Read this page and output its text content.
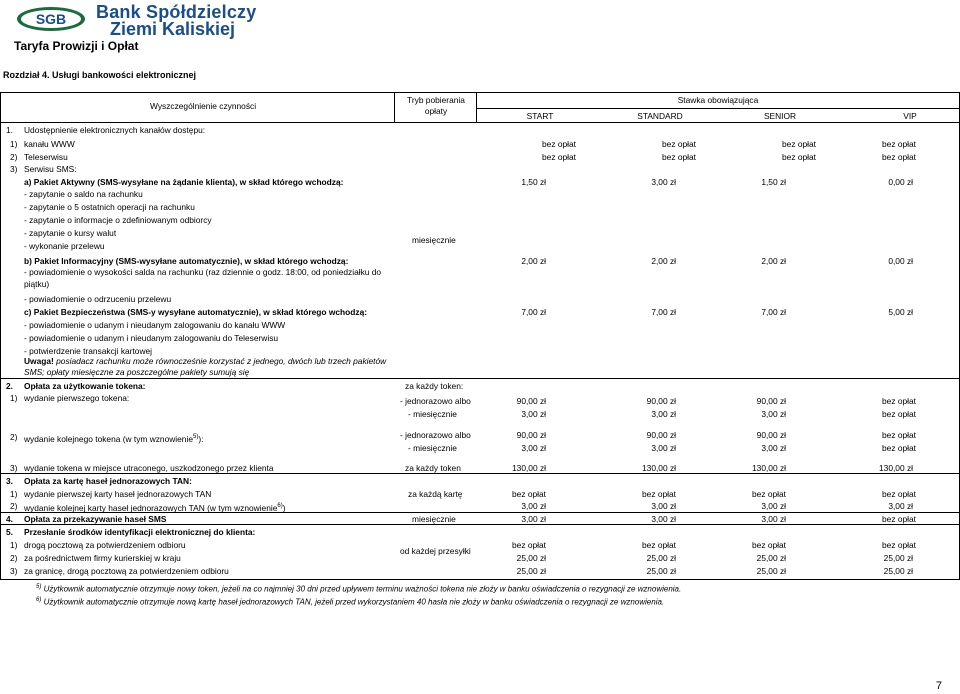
SGB Bank Spółdzielczy
Ziemi Kaliskiej
Taryfa Prowizji i Opłat
Rozdział 4. Usługi bankowości elektronicznej
Wyszczególnienie czynności
Tryb pobierania
opłaty
Stawka obowiązująca
START	STANDARD	SENIOR	VIP
1. Udostępnienie elektronicznych kanałów dostępu:
1) kanału WWW	bez opłat	bez opłat	bez opłat	bez opłat
2) Teleserwisu	bez opłat	bez opłat	bez opłat	bez opłat
3) Serwisu SMS:
a) Pakiet Aktywny (SMS-wysyłane na żądanie klienta), w skład którego wchodzą:	1,50 zł	3,00 zł	1,50 zł	0,00 zł
- zapytanie o saldo na rachunku
- zapytanie o 5 ostatnich operacji na rachunku
- zapytanie o informacje o zdefiniowanym odbiorcy
- zapytanie o kursy walut
- wykonanie przelewu
miesięcznie
b) Pakiet Informacyjny (SMS-wysyłane automatycznie), w skład którego wchodzą:	2,00 zł	2,00 zł	2,00 zł	0,00 zł
- powiadomienie o wysokości salda na rachunku (raz dziennie o godz. 18:00, od poniedziałku do
piątku)
- powiadomienie o odrzuceniu przelewu
c) Pakiet Bezpieczeństwa (SMS-y wysyłane automatycznie), w skład którego wchodzą:	7,00 zł	7,00 zł	7,00 zł	5,00 zł
- powiadomienie o udanym i nieudanym zalogowaniu do kanału WWW
- powiadomienie o udanym i nieudanym zalogowaniu do Teleserwisu
- potwierdzenie transakcji kartowej
Uwaga! posiadacz rachunku może równocześnie korzystać z jednego, dwóch lub trzech pakietów
SMS; opłaty miesięczne za poszczególne pakiety sumują się
2. Opłata za użytkowanie tokena:	za każdy token:
1) wydanie pierwszego tokena:	- jednorazowo albo	90,00 zł	90,00 zł	90,00 zł	bez opłat
- miesięcznie	3,00 zł	3,00 zł	3,00 zł	bez opłat
2) wydanie kolejnego tokena (w tym wznowienie$^{5)}$):	- jednorazowo albo	90,00 zł	90,00 zł	90,00 zł	bez opłat
- miesięcznie	3,00 zł	3,00 zł	3,00 zł	bez opłat
3) wydanie tokena w miejsce utraconego, uszkodzonego przez klienta	za każdy token	130,00 zł	130,00 zł	130,00 zł	130,00 zł
3. Opłata za kartę haseł jednorazowych TAN:
1) wydanie pierwszej karty haseł jednorazowych TAN	za każdą kartę	bez opłat	bez opłat	bez opłat	bez opłat
2) wydanie kolejnej karty haseł jednorazowych TAN (w tym wznowienie$^{6)}$)	3,00 zł	3,00 zł	3,00 zł	3,00 zł
4. Opłata za przekazywanie haseł SMS	miesięcznie	3,00 zł	3,00 zł	3,00 zł	bez opłat
5. Przesłanie środków identyfikacji elektronicznej do klienta:
1) drogą pocztową za potwierdzeniem odbioru	bez opłat	bez opłat	bez opłat	bez opłat
od każdej przesyłki
2) za pośrednictwem firmy kurierskiej w kraju	25,00 zł	25,00 zł	25,00 zł	25,00 zł
3) za granicę, drogą pocztową za potwierdzeniem odbioru	25,00 zł	25,00 zł	25,00 zł	25,00 zł
$^{5)}$ Użytkownik automatycznie otrzymuje nowy token, jeżeli na co najmniej 30 dni przed upływem terminu ważności tokena nie złoży w banku oświadczenia o rezygnacji ze wznowienia.
$^{6)}$ Użytkownik automatycznie otrzymuje nową kartę haseł jednorazowych TAN, jeżeli przed wykorzystaniem 40 hasła nie złoży w banku oświadczenia o rezygnacji ze wznowienia.
7
